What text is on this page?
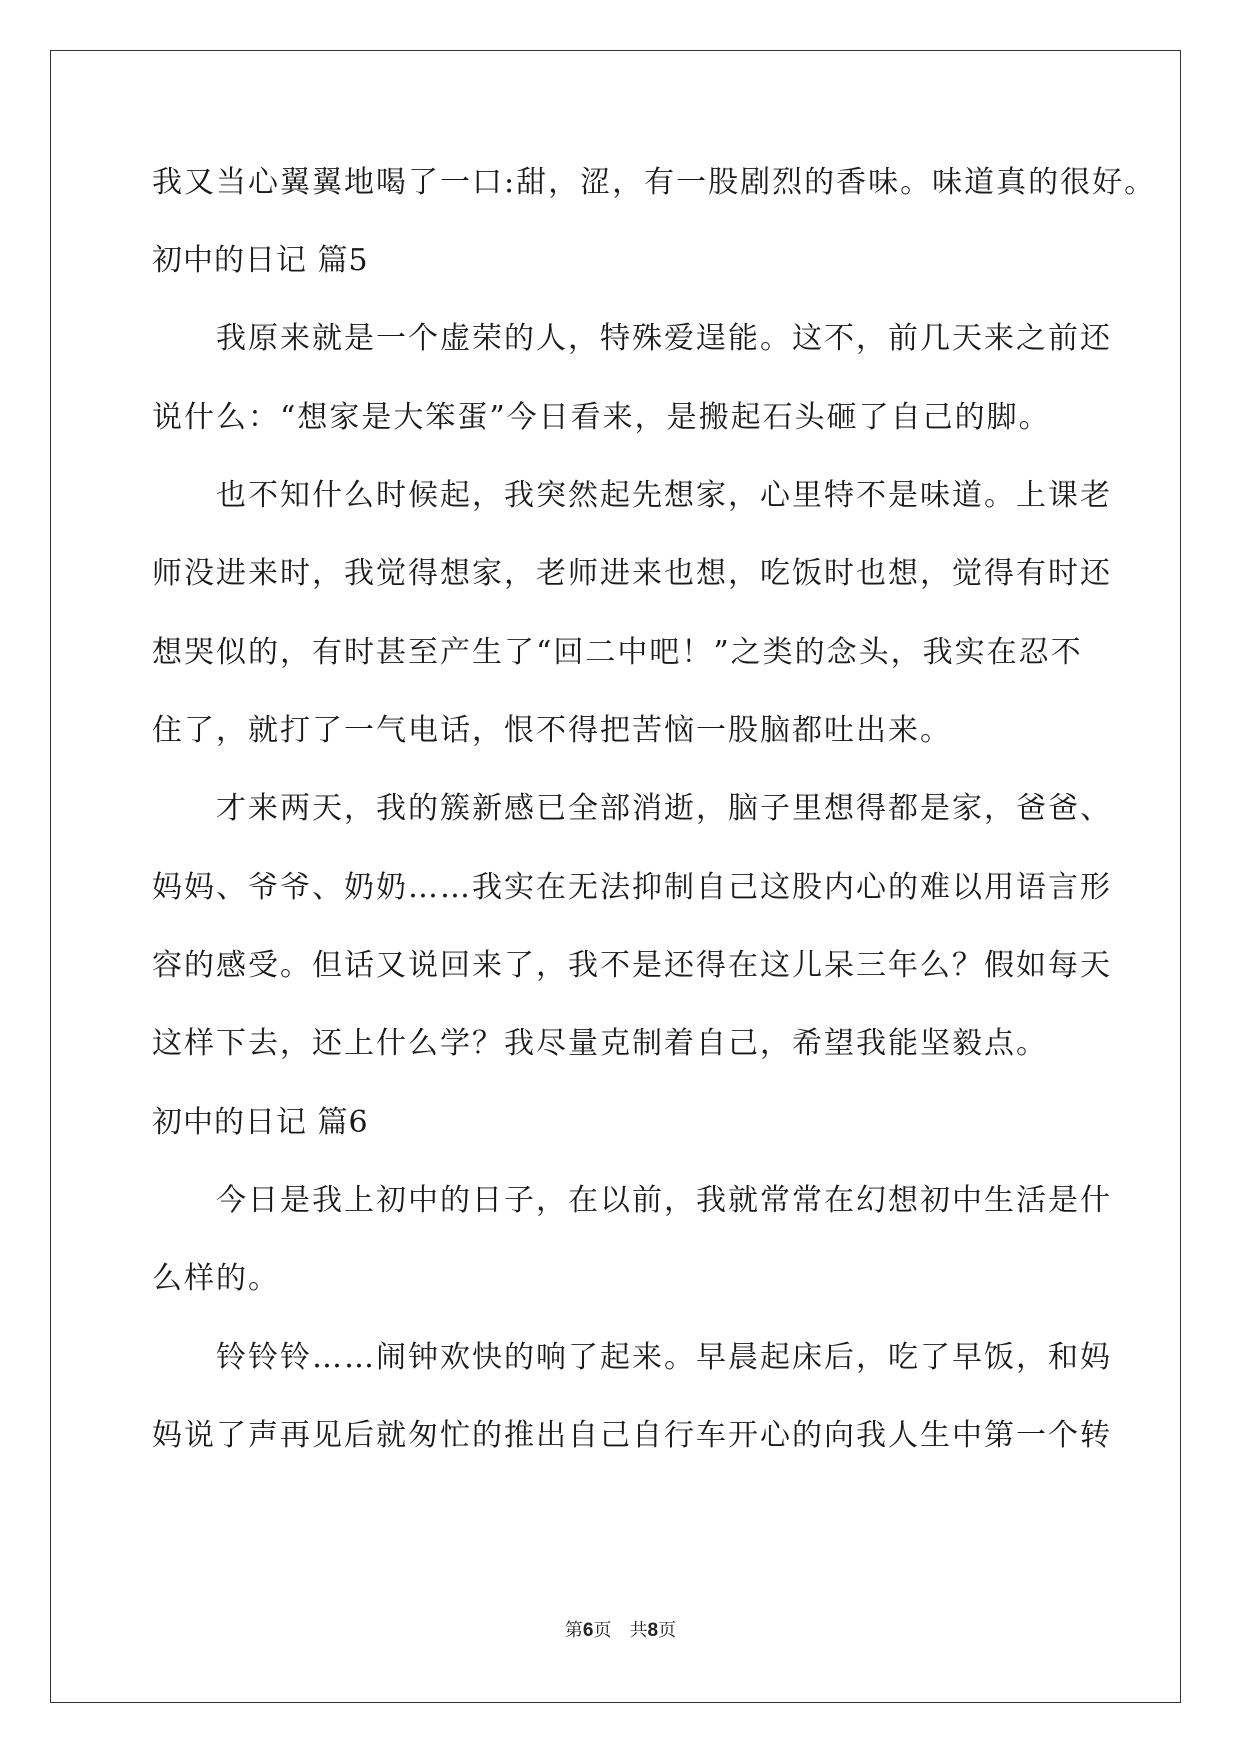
我又当心翼翼地喝了一口:甜，涩，有一股剧烈的香味。味道真的很好。
初中的日记 篇5
我原来就是一个虚荣的人，特殊爱逞能。这不，前几天来之前还
说什么：“想家是大笨蛋”今日看来，是搬起石头砸了自己的脚。
也不知什么时候起，我突然起先想家，心里特不是味道。上课老
师没进来时，我觉得想家，老师进来也想，吃饭时也想，觉得有时还
想哭似的，有时甚至产生了“回二中吧！”之类的念头，我实在忍不
住了，就打了一气电话，恨不得把苦恼一股脑都吐出来。
才来两天，我的簇新感已全部消逝，脑子里想得都是家，爸爸、
妈妈、爷爷、奶奶……我实在无法抑制自己这股内心的难以用语言形
容的感受。但话又说回来了，我不是还得在这儿呆三年么？假如每天
这样下去，还上什么学？我尽量克制着自己，希望我能坚毅点。
初中的日记 篇6
今日是我上初中的日子，在以前，我就常常在幻想初中生活是什
么样的。
铃铃铃……闹钟欢快的响了起来。早晨起床后，吃了早饭，和妈
妈说了声再见后就匆忙的推出自己自行车开心的向我人生中第一个转
第6页　共8页
